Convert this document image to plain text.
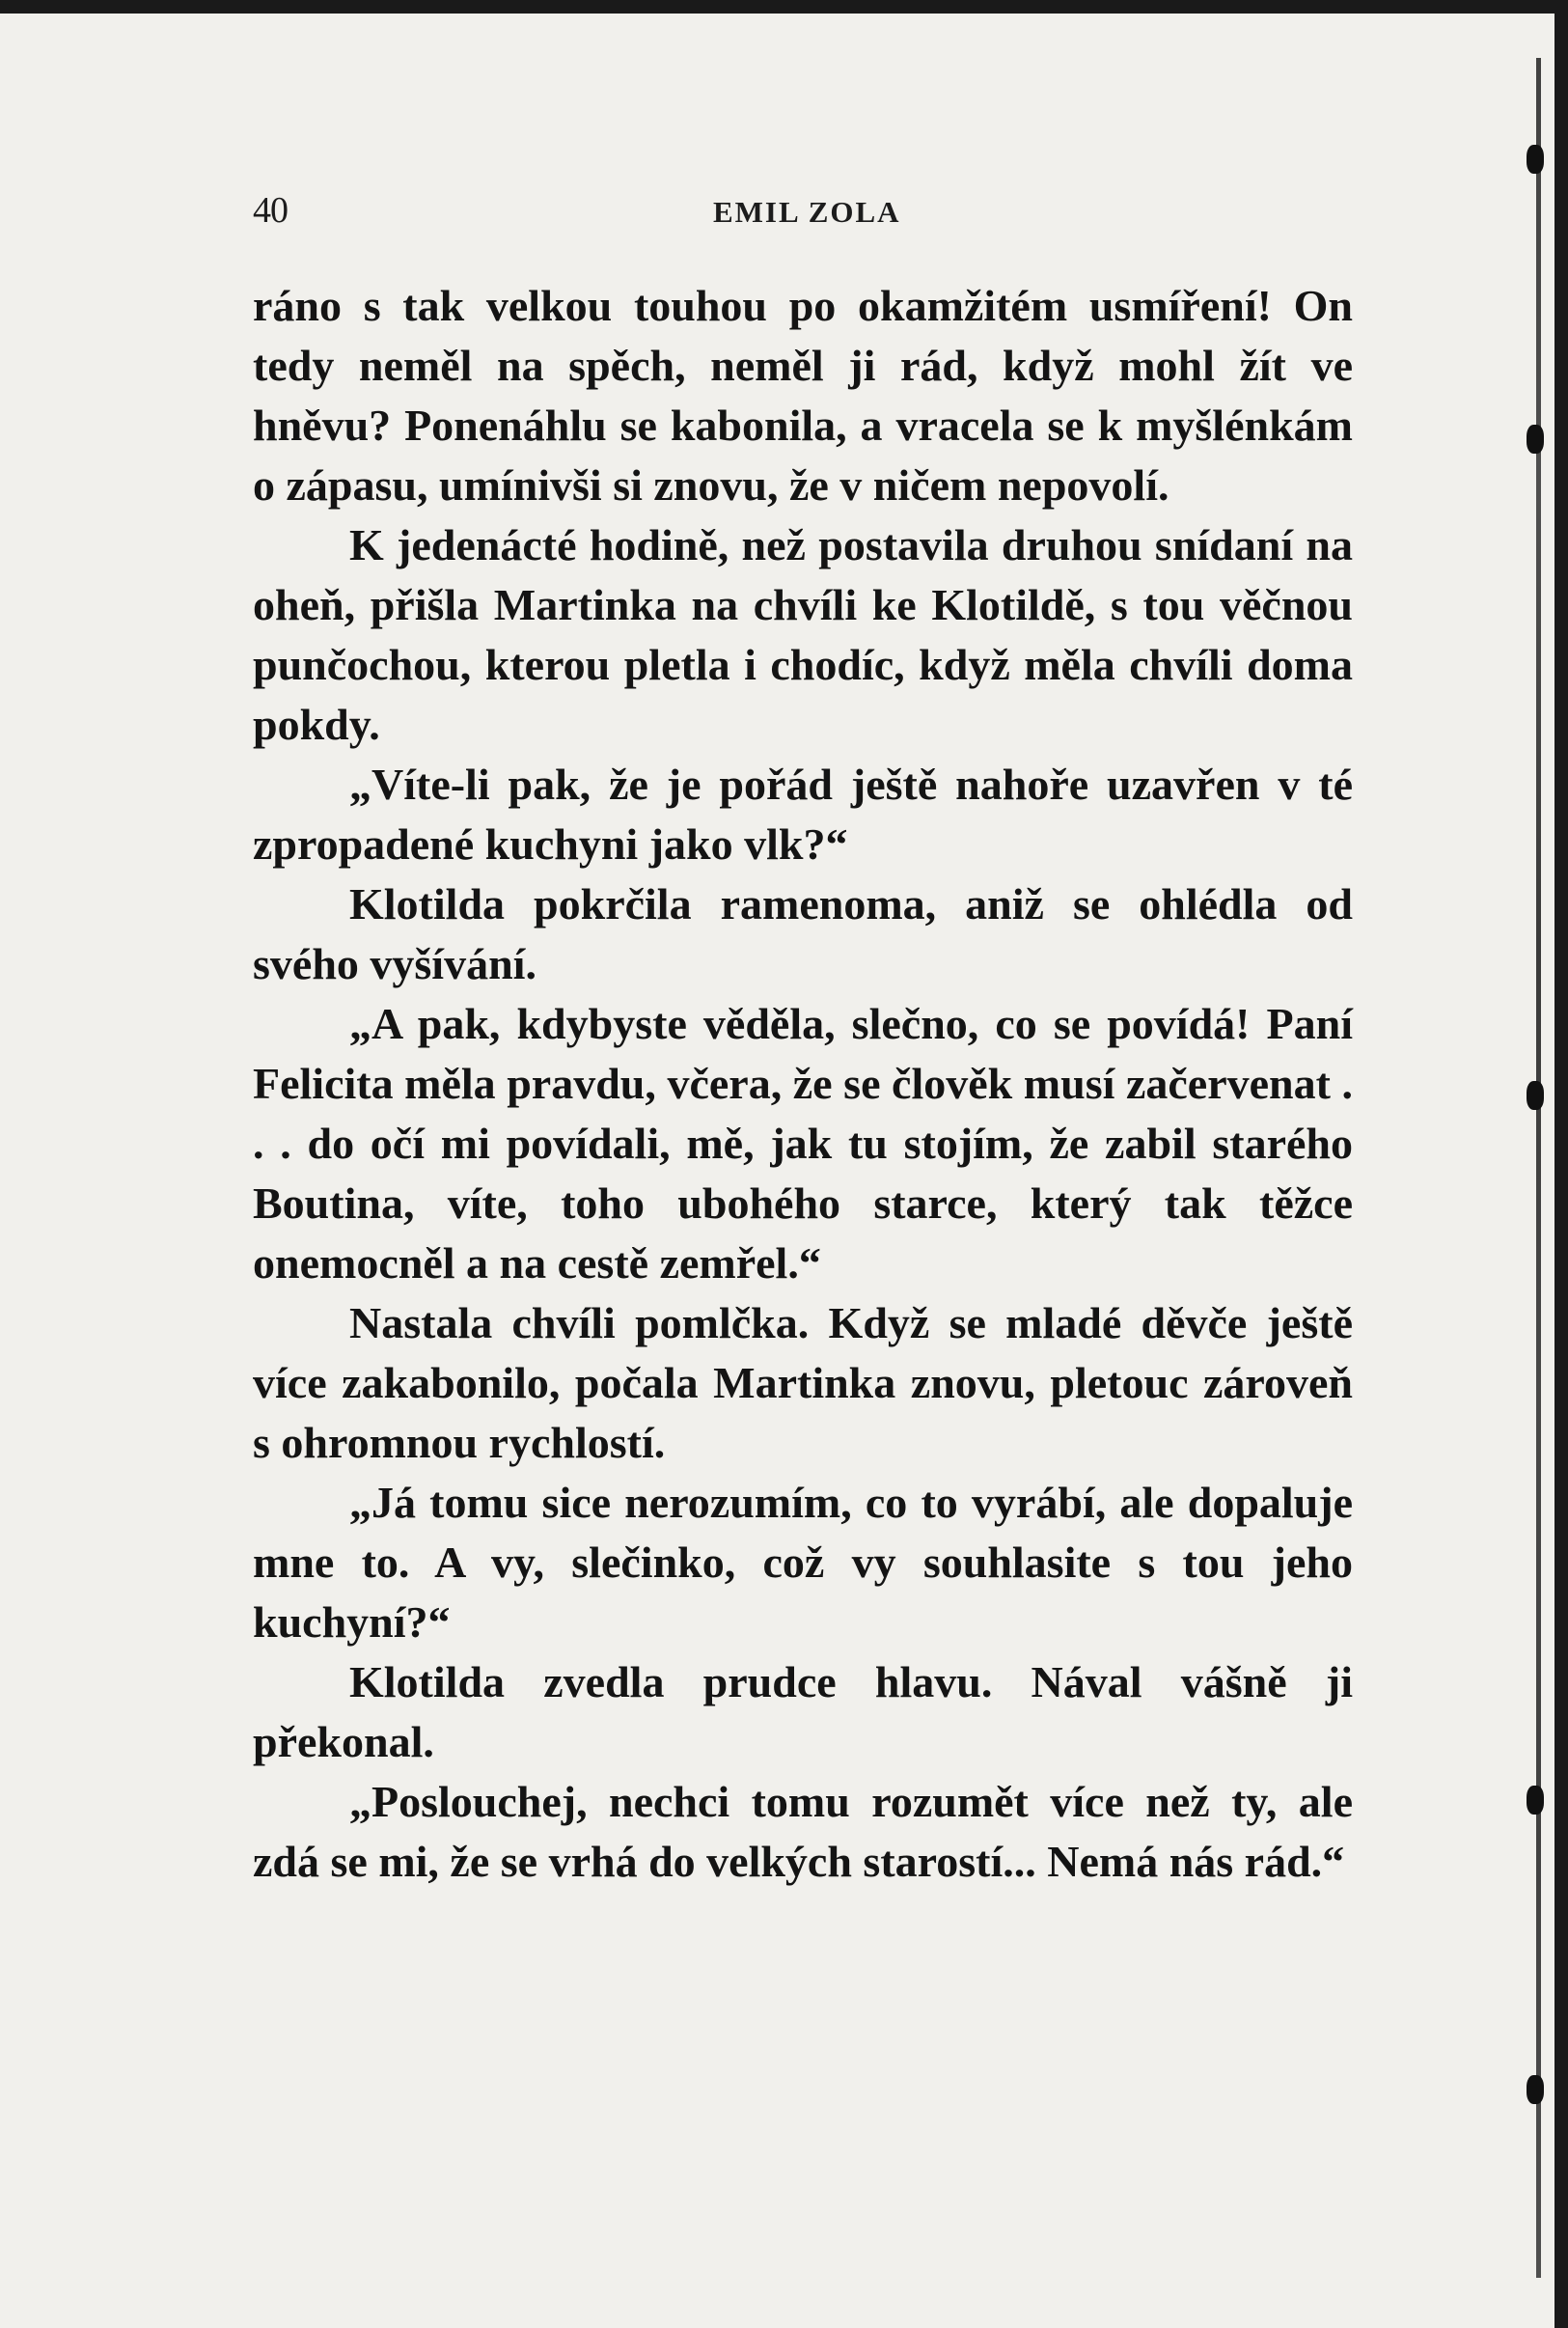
40	EMIL ZOLA

ráno s tak velkou touhou po okamžitém usmíření! On tedy neměl na spěch, neměl ji rád, když mohl žít ve hněvu? Ponenáhlu se kabonila, a vracela se k myšlénkám o zápasu, umínivši si znovu, že v ničem nepovolí.

K jedenácté hodině, než postavila druhou snídaní na oheň, přišla Martinka na chvíli ke Klotildě, s tou věčnou punčochou, kterou pletla i chodíc, když měla chvíli doma pokdy.

„Víte-li pak, že je pořád ještě nahoře uzavřen v té zpropadené kuchyni jako vlk?“

Klotilda pokrčila ramenoma, aniž se ohlédla od svého vyšívání.

„A pak, kdybyste věděla, slečno, co se povídá! Paní Felicita měla pravdu, včera, že se člověk musí začervenat . . . do očí mi povídali, mě, jak tu stojím, že zabil starého Boutina, víte, toho ubohého starce, který tak těžce onemocněl a na cestě zemřel.“

Nastala chvíli pomlčka. Když se mladé děvče ještě více zakabonilo, počala Martinka znovu, pletouc zároveň s ohromnou rychlostí.

„Já tomu sice nerozumím, co to vyrábí, ale dopaluje mne to. A vy, slečinko, což vy souhlasite s tou jeho kuchyní?“

Klotilda zvedla prudce hlavu. Nával vášně ji překonal.

„Poslouchej, nechci tomu rozumět více než ty, ale zdá se mi, že se vrhá do velkých starostí... Nemá nás rád.“
